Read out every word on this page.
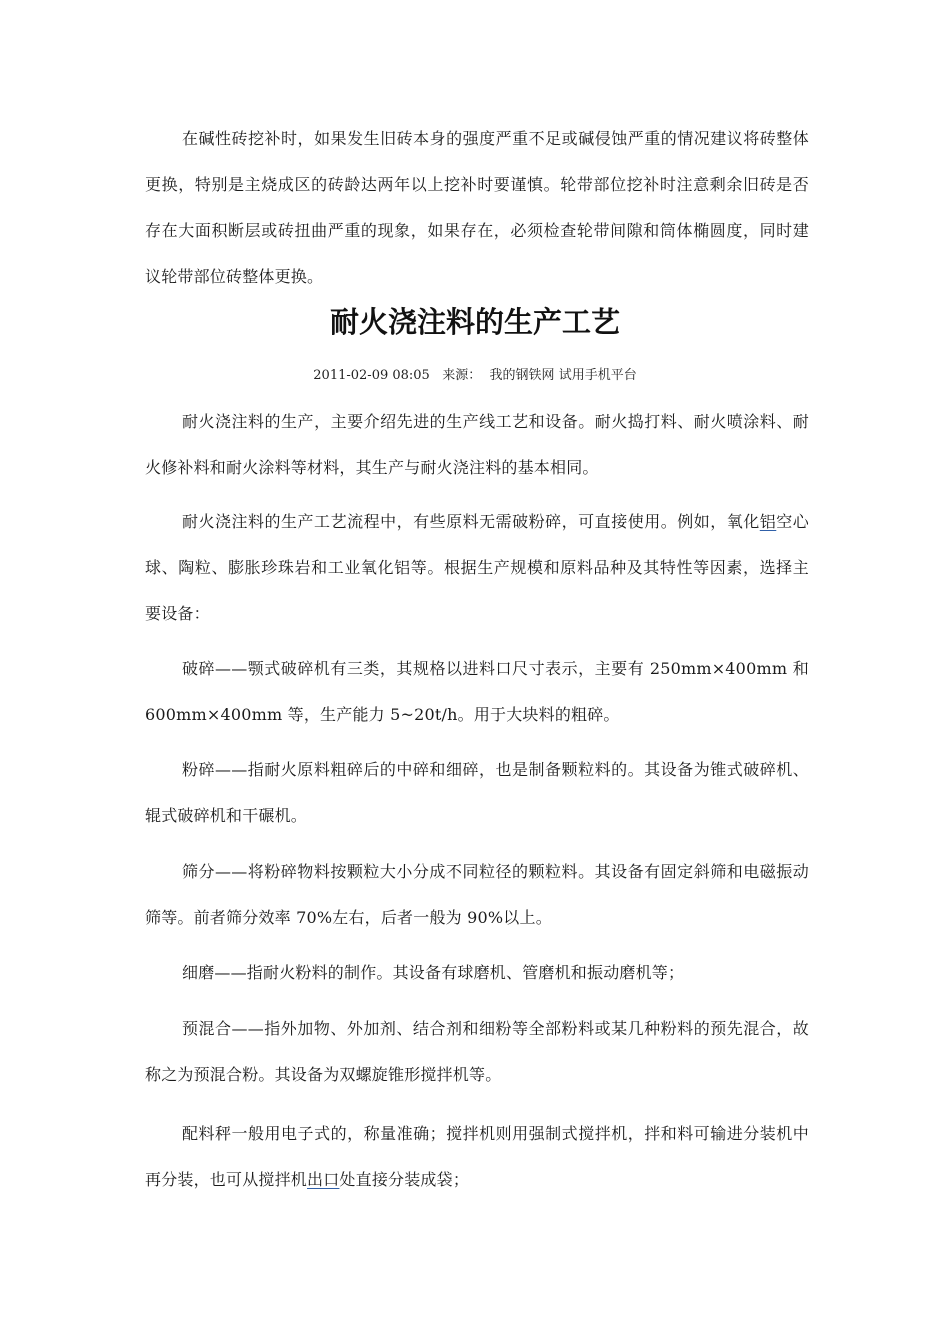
在碱性砖挖补时，如果发生旧砖本身的强度严重不足或碱侵蚀严重的情况建议将砖整体更换，特别是主烧成区的砖龄达两年以上挖补时要谨慎。轮带部位挖补时注意剩余旧砖是否存在大面积断层或砖扭曲严重的现象，如果存在，必须检查轮带间隙和筒体椭圆度，同时建议轮带部位砖整体更换。

耐火浇注料的生产工艺
2011-02-09 08:05 来源： 我的钢铁网 试用手机平台

耐火浇注料的生产，主要介绍先进的生产线工艺和设备。耐火捣打料、耐火喷涂料、耐火修补料和耐火涂料等材料，其生产与耐火浇注料的基本相同。

耐火浇注料的生产工艺流程中，有些原料无需破粉碎，可直接使用。例如，氧化铝空心球、陶粒、膨胀珍珠岩和工业氧化铝等。根据生产规模和原料品种及其特性等因素，选择主要设备：

破碎——颚式破碎机有三类，其规格以进料口尺寸表示，主要有 250mm×400mm 和 600mm×400mm 等，生产能力 5~20t/h。用于大块料的粗碎。

粉碎——指耐火原料粗碎后的中碎和细碎，也是制备颗粒料的。其设备为锥式破碎机、辊式破碎机和干碾机。

筛分——将粉碎物料按颗粒大小分成不同粒径的颗粒料。其设备有固定斜筛和电磁振动筛等。前者筛分效率 70%左右，后者一般为 90%以上。

细磨——指耐火粉料的制作。其设备有球磨机、管磨机和振动磨机等；

预混合——指外加物、外加剂、结合剂和细粉等全部粉料或某几种粉料的预先混合，故称之为预混合粉。其设备为双螺旋锥形搅拌机等。

配料秤一般用电子式的，称量准确；搅拌机则用强制式搅拌机，拌和料可输进分装机中再分装，也可从搅拌机出口处直接分装成袋；
